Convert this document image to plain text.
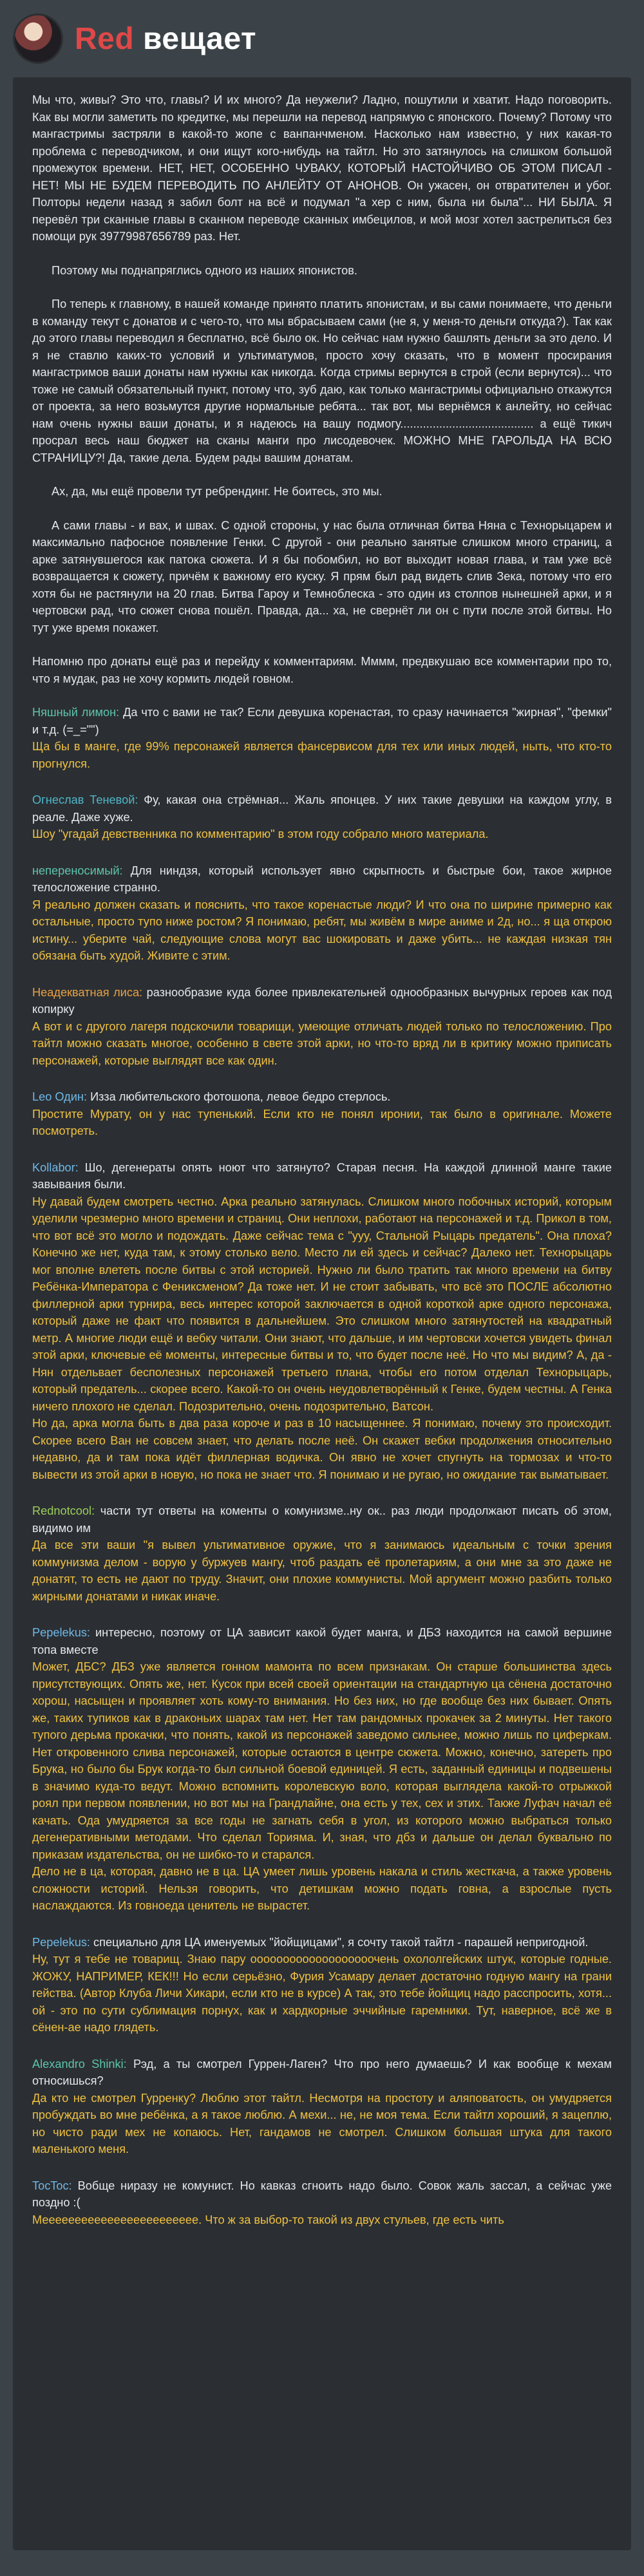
Red вещает

Мы что, живы? Это что, главы? И их много? Да неужели? Ладно, пошутили и хватит. Надо поговорить. Как вы могли заметить по кредитке, мы перешли на перевод напрямую с японского. Почему? Потому что мангастримы застряли в какой-то жопе с ванпанчменом. Насколько нам известно, у них какая-то проблема с переводчиком, и они ищут кого-нибудь на тайтл. Но это затянулось на слишком большой промежуток времени. НЕТ, НЕТ, ОСОБЕННО ЧУВАКУ, КОТОРЫЙ НАСТОЙЧИВО ОБ ЭТОМ ПИСАЛ - НЕТ! МЫ НЕ БУДЕМ ПЕРЕВОДИТЬ ПО АНЛЕЙТУ ОТ АНОНОВ. Он ужасен, он отвратителен и убог. Полторы недели назад я забил болт на всё и подумал "а хер с ним, была ни была"... НИ БЫЛА. Я перевёл три сканные главы в сканном переводе сканных имбецилов, и мой мозг хотел застрелиться без помощи рук 39779987656789 раз. Нет.

Поэтому мы поднапряглись одного из наших японистов.

По теперь к главному, в нашей команде принято платить японистам, и вы сами понимаете, что деньги в команду текут с донатов и с чего-то, что мы вбрасываем сами (не я, у меня-то деньги откуда?). Так как до этого главы переводил я бесплатно, всё было ок. Но сейчас нам нужно башлять деньги за это дело. И я не ставлю каких-то условий и ультиматумов, просто хочу сказать, что в момент просирания мангастримов ваши донаты нам нужны как никогда. Когда стримы вернутся в строй (если вернутся)... что тоже не самый обязательный пункт, потому что, зуб даю, как только мангастримы официально откажутся от проекта, за него возьмутся другие нормальные ребята... так вот, мы вернёмся к анлейту, но сейчас нам очень нужны ваши донаты, и я надеюсь на вашу подмогу......................................... а ещё тикич просрал весь наш бюджет на сканы манги про лисодевочек. МОЖНО МНЕ ГАРОЛЬДА НА ВСЮ СТРАНИЦУ?! Да, такие дела. Будем рады вашим донатам.

Ах, да, мы ещё провели тут ребрендинг. Не боитесь, это мы.

А сами главы - и вах, и швах. С одной стороны, у нас была отличная битва Няна с Технорыцарем и максимально пафосное появление Генки. С другой - они реально занятые слишком много страниц, а арке затянувшегося как патока сюжета. И я бы побомбил, но вот выходит новая глава, и там уже всё возвращается к сюжету, причём к важному его куску. Я прям был рад видеть слив Зека, потому что его хотя бы не растянули на 20 глав. Битва Гароу и Темноблеска - это один из столпов нынешней арки, и я чертовски рад, что сюжет снова пошёл. Правда, да... ха, не свернёт ли он с пути после этой битвы. Но тут уже время покажет.

Напомню про донаты ещё раз и перейду к комментариям. Мммм, предвкушаю все комментарии про то, что я мудак, раз не хочу кормить людей говном.

Няшный лимон: Да что с вами не так? Если девушка коренастая, то сразу начинается "жирная", "фемки" и т.д. (=_="")
Ща бы в манге, где 99% персонажей является фансервисом для тех или иных людей, ныть, что кто-то прогнулся.
Огнеслав Теневой: Фу, какая она стрёмная... Жаль японцев. У них такие девушки на каждом углу, в реале. Даже хуже.
Шоу "угадай девственника по комментарию" в этом году собрало много материала.
непереносимый: Для ниндзя, который использует явно скрытность и быстрые бои, такое жирное телосложение странно.
Я реально должен сказать и пояснить, что такое коренастые люди? И что она по ширине примерно как остальные, просто тупо ниже ростом? Я понимаю, ребят, мы живём в мире аниме и 2д, но... я ща открою истину... уберите чай, следующие слова могут вас шокировать и даже убить... не каждая низкая тян обязана быть худой. Живите с этим.
Неадекватная лиса: разнообразие куда более привлекательней однообразных вычурных героев как под копирку
А вот и с другого лагеря подскочили товарищи, умеющие отличать людей только по телосложению. Про тайтл можно сказать многое, особенно в свете этой арки, но что-то вряд ли в критику можно приписать персонажей, которые выглядят все как один.
Leo Один: Изза любительского фотошопа, левое бедро стерлось.
Простите Мурату, он у нас тупенький. Если кто не понял иронии, так было в оригинале. Можете посмотреть.
Kollabor: Шо, дегенераты опять ноют что затянуто? Старая песня. На каждой длинной манге такие завывания были.
Ну давай будем смотреть честно. Арка реально затянулась. Слишком много побочных историй, которым уделили чрезмерно много времени и страниц. Они неплохи, работают на персонажей и т.д. Прикол в том, что вот всё это могло и подождать. Даже сейчас тема с "ууу, Стальной Рыцарь предатель". Она плоха? Конечно же нет, куда там, к этому столько вело. Место ли ей здесь и сейчас? Далеко нет. Технорыцарь мог вполне влететь после битвы с этой историей. Нужно ли было тратить так много времени на битву Ребёнка-Императора с Фениксменом? Да тоже нет. И не стоит забывать, что всё это ПОСЛЕ абсолютно филлерной арки турнира, весь интерес которой заключается в одной короткой арке одного персонажа, который даже не факт что появится в дальнейшем. Это слишком много затянутостей на квадратный метр. А многие люди ещё и вебку читали. Они знают, что дальше, и им чертовски хочется увидеть финал этой арки, ключевые её моменты, интересные битвы и то, что будет после неё. Но что мы видим? А, да - Нян отдельвает бесполезных персонажей третьего плана, чтобы его потом отделал Технорыцарь, который предатель... скорее всего. Какой-то он очень неудовлетворённый к Генке, будем честны. А Генка ничего плохого не сделал. Подозрительно, очень подозрительно, Ватсон.
Но да, арка могла быть в два раза короче и раз в 10 насыщеннее. Я понимаю, почему это происходит. Скорее всего Ван не совсем знает, что делать после неё. Он скажет вебки продолжения относительно недавно, да и там пока идёт филлерная водичка. Он явно не хочет спугнуть на тормозах и что-то вывести из этой арки в новую, но пока не знает что. Я понимаю и не ругаю, но ожидание так выматывает.
Rednotcool: части тут ответы на коменты о комунизме..ну ок.. раз люди продолжают писать об этом, видимо им
Да все эти ваши "я вывел ультимативное оружие, что я занимаюсь идеальным с точки зрения коммунизма делом - ворую у буржуев мангу, чтоб раздать её пролетариям, а они мне за это даже не донатят, то есть не дают по труду. Значит, они плохие коммунисты. Мой аргумент можно разбить только жирными донатами и никак иначе.
Pepelekus: интересно, поэтому от ЦА зависит какой будет манга, и ДБЗ находится на самой вершине топа вместе
Может, ДБС? ДБЗ уже является гонном мамонта по всем признакам. Он старше большинства здесь присутствующих. Опять же, нет. Кусок при всей своей ориентации на стандартную ца сёнена достаточно хорош, насыщен и проявляет хоть кому-то внимания. Но без них, но где вообще без них бывает. Опять же, таких тупиков как в драконьих шарах там нет. Нет там рандомных прокачек за 2 минуты. Нет такого тупого дерьма прокачки, что понять, какой из персонажей заведомо сильнее, можно лишь по циферкам. Нет откровенного слива персонажей, которые остаются в центре сюжета. Можно, конечно, затереть про Брука, но было бы Брук когда-то был сильной боевой единицей. Я есть, заданный единицы и подвешены в значимо куда-то ведут. Можно вспомнить королевскую воло, которая выглядела какой-то отрыжкой роял при первом появлении, но вот мы на Грандлайне, она есть у тех, сех и этих. Также Луфач начал её качать. Ода умудряется за все годы не загнать себя в угол, из которого можно выбраться только дегенеративными методами. Что сделал Торияма. И, зная, что дбз и дальше он делал буквально по приказам издательства, он не шибко-то и старался.
Дело не в ца, которая, давно не в ца. ЦА умеет лишь уровень накала и стиль жесткача, а также уровень сложности историй. Нельзя говорить, что детишкам можно подать говна, а взрослые пусть наслаждаются. Из говноеда ценитель не вырастет.
Pepelekus: специально для ЦА именуемых "йойщицами", я сочту такой тайтл - парашей непригодной.
Ну, тут я тебе не товарищ. Знаю пару ооооооооооооооооооочень охололгейских штук, которые годные. ЖОЖУ, НАПРИМЕР, КЕК!!! Но если серьёзно, Фурия Усамару делает достаточно годную мангу на грани гейства. (Автор Клуба Личи Хикари, если кто не в курсе) А так, это тебе йойщиц надо расспросить, хотя... ой - это по сути сублимация порнух, как и хардкорные эччийные гаремники. Тут, наверное, всё же в сёнен-ае надо глядеть.
Alexandro Shinki: Рэд, а ты смотрел Гуррен-Лаген? Что про него думаешь? И как вообще к мехам относишься?
Да кто не смотрел Гурренку? Люблю этот тайтл. Несмотря на простоту и аляповатость, он умудряется пробуждать во мне ребёнка, а я такое люблю. А мехи... не, не моя тема. Если тайтл хороший, я зацеплю, но чисто ради мех не копаюсь. Нет, гандамов не смотрел. Слишком большая штука для такого маленького меня.
TocToc: Вобще ниразу не комунист. Но кавказ сгноить надо было. Совок жаль зассал, а сейчас уже поздно :(
Мееееееееееееееееееееееее. Что ж за выбор-то такой из двух стульев, где есть чить
